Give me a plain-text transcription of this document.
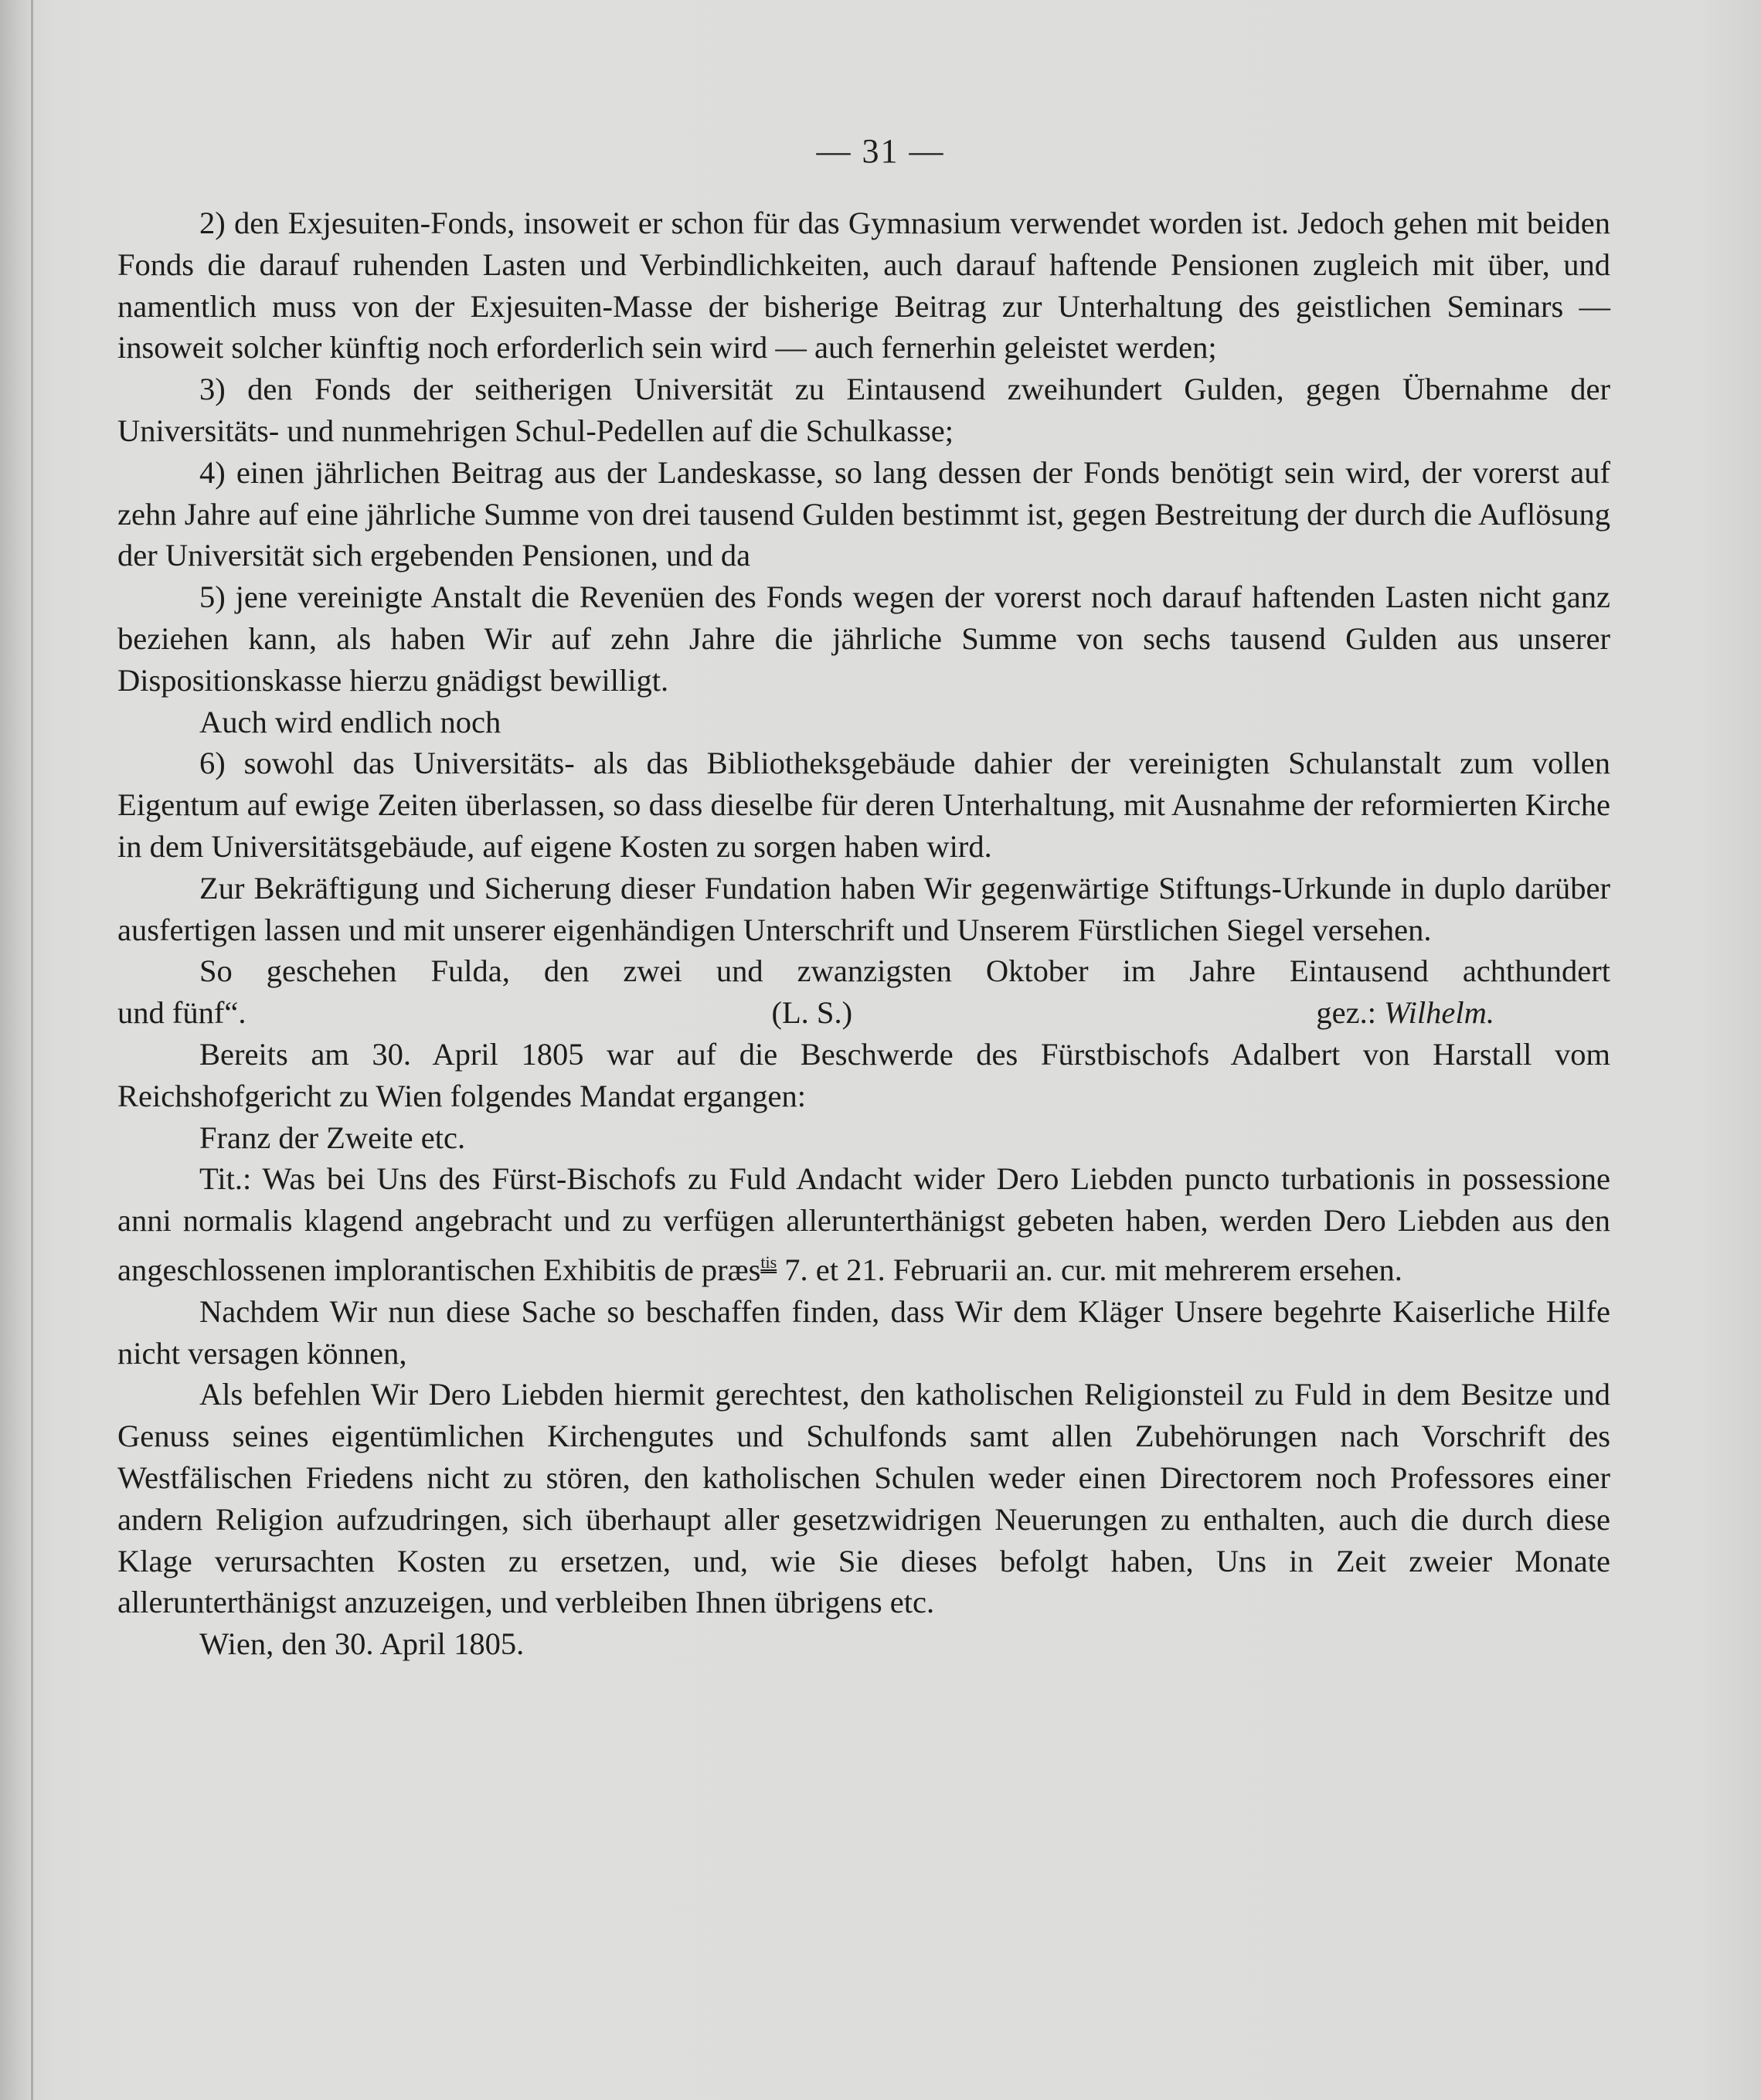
— 31 —

2) den Exjesuiten-Fonds, insoweit er schon für das Gymnasium verwendet worden ist. Jedoch gehen mit beiden Fonds die darauf ruhenden Lasten und Verbindlichkeiten, auch darauf haftende Pensionen zugleich mit über, und namentlich muss von der Exjesuiten-Masse der bisherige Beitrag zur Unterhaltung des geistlichen Seminars — insoweit solcher künftig noch erforderlich sein wird — auch fernerhin geleistet werden;

3) den Fonds der seitherigen Universität zu Eintausend zweihundert Gulden, gegen Übernahme der Universitäts- und nunmehrigen Schul-Pedellen auf die Schulkasse;

4) einen jährlichen Beitrag aus der Landeskasse, so lang dessen der Fonds benötigt sein wird, der vorerst auf zehn Jahre auf eine jährliche Summe von drei tausend Gulden bestimmt ist, gegen Bestreitung der durch die Auflösung der Universität sich ergebenden Pensionen, und da

5) jene vereinigte Anstalt die Revenüen des Fonds wegen der vorerst noch darauf haftenden Lasten nicht ganz beziehen kann, als haben Wir auf zehn Jahre die jährliche Summe von sechs tausend Gulden aus unserer Dispositionskasse hierzu gnädigst bewilligt.

Auch wird endlich noch

6) sowohl das Universitäts- als das Bibliotheksgebäude dahier der vereinigten Schulanstalt zum vollen Eigentum auf ewige Zeiten überlassen, so dass dieselbe für deren Unterhaltung, mit Ausnahme der reformierten Kirche in dem Universitätsgebäude, auf eigene Kosten zu sorgen haben wird.

Zur Bekräftigung und Sicherung dieser Fundation haben Wir gegenwärtige Stiftungs-Urkunde in duplo darüber ausfertigen lassen und mit unserer eigenhändigen Unterschrift und Unserem Fürstlichen Siegel versehen.

So geschehen Fulda, den zwei und zwanzigsten Oktober im Jahre Eintausend achthundert

und fünf“.	(L. S.)	gez.: Wilhelm.

Bereits am 30. April 1805 war auf die Beschwerde des Fürstbischofs Adalbert von Harstall vom Reichshofgericht zu Wien folgendes Mandat ergangen:

Franz der Zweite etc.

Tit.: Was bei Uns des Fürst-Bischofs zu Fuld Andacht wider Dero Liebden puncto turbationis in possessione anni normalis klagend angebracht und zu verfügen allerunterthänigst gebeten haben, werden Dero Liebden aus den angeschlossenen implorantischen Exhibitis de præs$^{tis}$ 7. et 21. Februarii an. cur. mit mehrerem ersehen.

Nachdem Wir nun diese Sache so beschaffen finden, dass Wir dem Kläger Unsere begehrte Kaiserliche Hilfe nicht versagen können,

Als befehlen Wir Dero Liebden hiermit gerechtest, den katholischen Religionsteil zu Fuld in dem Besitze und Genuss seines eigentümlichen Kirchengutes und Schulfonds samt allen Zubehörungen nach Vorschrift des Westfälischen Friedens nicht zu stören, den katholischen Schulen weder einen Directorem noch Professores einer andern Religion aufzudringen, sich überhaupt aller gesetzwidrigen Neuerungen zu enthalten, auch die durch diese Klage verursachten Kosten zu ersetzen, und, wie Sie dieses befolgt haben, Uns in Zeit zweier Monate allerunterthänigst anzuzeigen, und verbleiben Ihnen übrigens etc.

Wien, den 30. April 1805.
